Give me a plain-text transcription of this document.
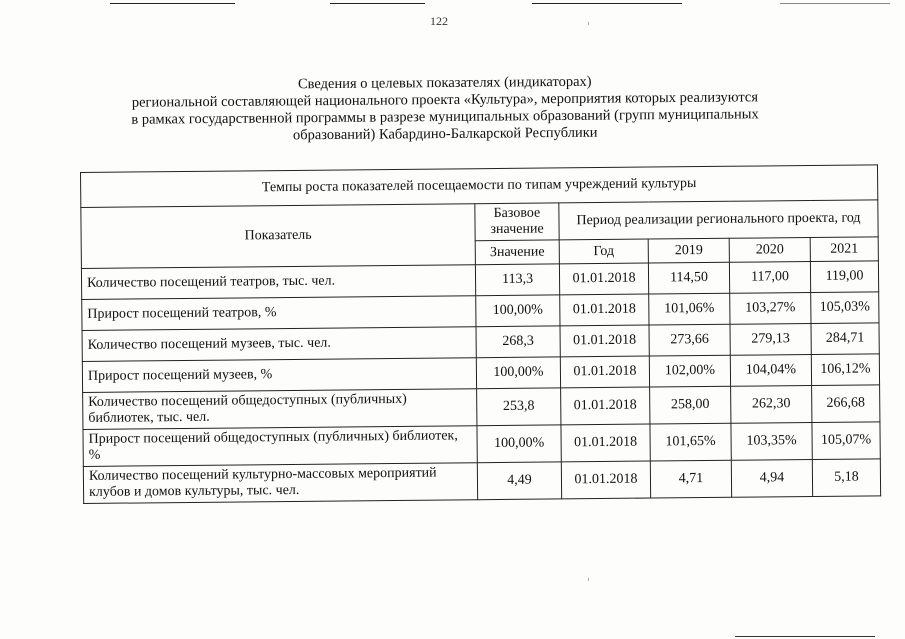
122
Сведения о целевых показателях (индикаторах)
региональной составляющей национального проекта «Культура», мероприятия которых реализуются
в рамках государственной программы в разрезе муниципальных образований (групп муниципальных
образований) Кабардино-Балкарской Республики
Темпы роста показателей посещаемости по типам учреждений культуры					
Показатель	Базовое значение	Период реализации регионального проекта, год			
	Значение	Год	2019	2020	2021
Количество посещений театров, тыс. чел.	113,3	01.01.2018	114,50	117,00	119,00
Прирост посещений театров, %	100,00%	01.01.2018	101,06%	103,27%	105,03%
Количество посещений музеев, тыс. чел.	268,3	01.01.2018	273,66	279,13	284,71
Прирост посещений музеев, %	100,00%	01.01.2018	102,00%	104,04%	106,12%
Количество посещений общедоступных (публичных) библиотек, тыс. чел.	253,8	01.01.2018	258,00	262,30	266,68
Прирост посещений общедоступных (публичных) библиотек, %	100,00%	01.01.2018	101,65%	103,35%	105,07%
Количество посещений культурно-массовых мероприятий клубов и домов культуры, тыс. чел.	4,49	01.01.2018	4,71	4,94	5,18
